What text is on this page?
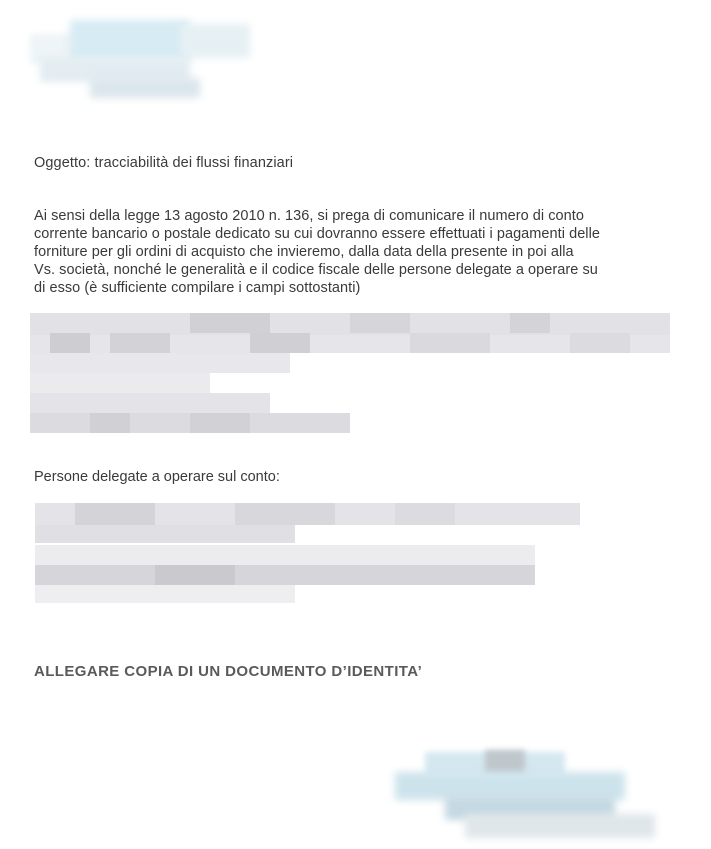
Oggetto: tracciabilità dei flussi finanziari
Ai sensi della legge 13 agosto 2010 n. 136, si prega di comunicare il numero di conto
corrente bancario o postale dedicato su cui dovranno essere effettuati i pagamenti delle
forniture per gli ordini di acquisto che invieremo, dalla data della presente in poi alla
Vs. società, nonché le generalità e il codice fiscale delle persone delegate a operare su
di esso (è sufficiente compilare i campi sottostanti)
Persone delegate a operare sul conto:
ALLEGARE COPIA DI UN DOCUMENTO D’IDENTITA’
